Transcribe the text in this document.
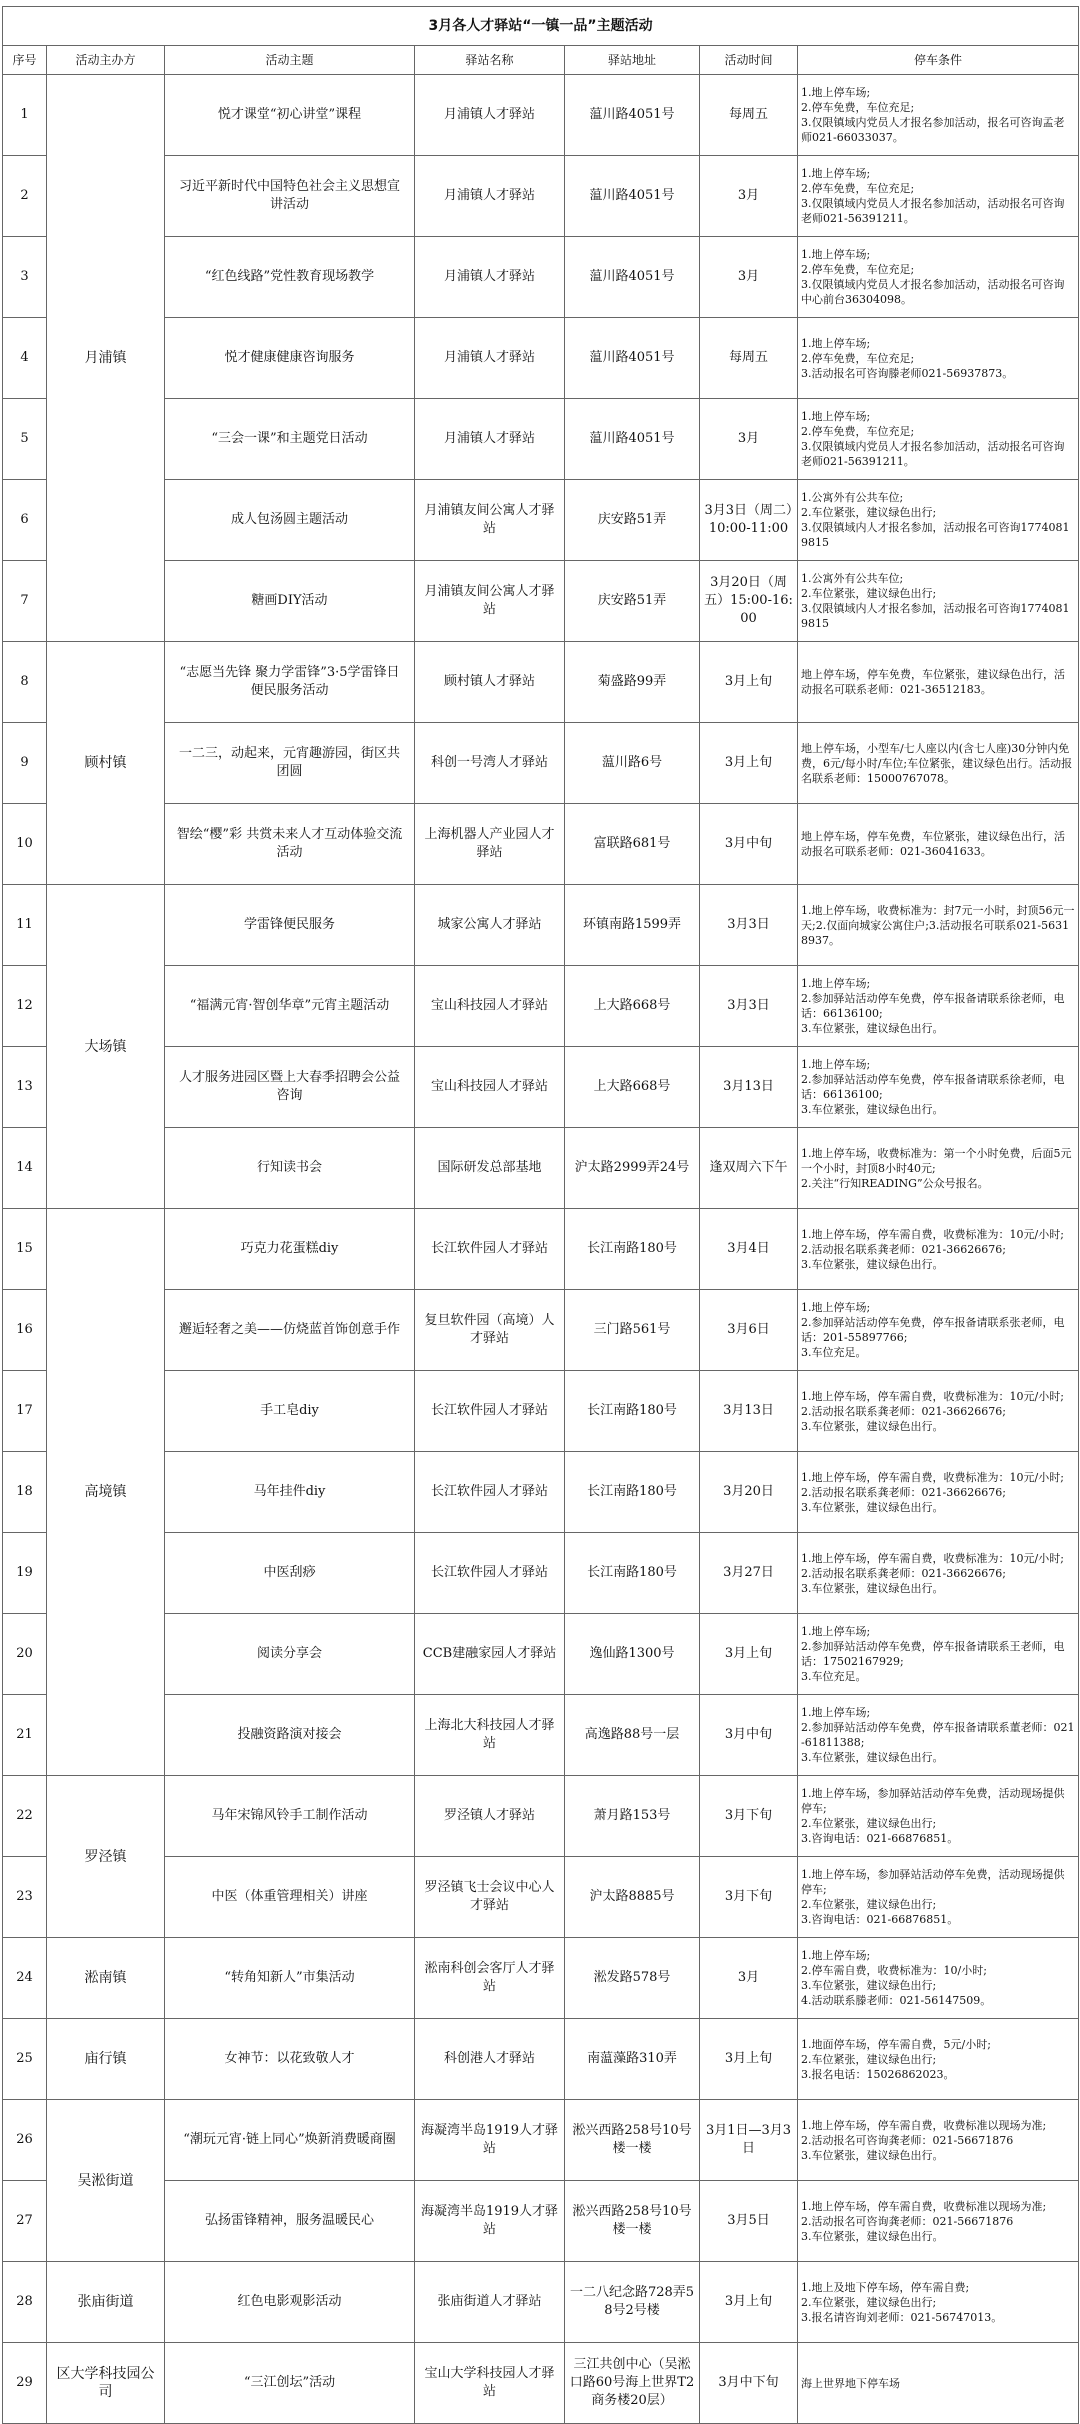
3月各人才驿站“一镇一品”主题活动						
序号	活动主办方	活动主题	驿站名称	驿站地址	活动时间	停车条件
1	月浦镇	悦才课堂“初心讲堂”课程	月浦镇人才驿站	蕰川路4051号	每周五	1.地上停车场;
2.停车免费，车位充足;
3.仅限镇域内党员人才报名参加活动，报名可咨询孟老师021-66033037。
2		习近平新时代中国特色社会主义思想宣讲活动	月浦镇人才驿站	蕰川路4051号	3月	1.地上停车场;
2.停车免费，车位充足;
3.仅限镇域内党员人才报名参加活动，活动报名可咨询老师021-56391211。
3		“红色线路”党性教育现场教学	月浦镇人才驿站	蕰川路4051号	3月	1.地上停车场;
2.停车免费，车位充足;
3.仅限镇域内党员人才报名参加活动，活动报名可咨询中心前台36304098。
4		悦才健康健康咨询服务	月浦镇人才驿站	蕰川路4051号	每周五	1.地上停车场;
2.停车免费，车位充足;
3.活动报名可咨询滕老师021-56937873。
5		“三会一课”和主题党日活动	月浦镇人才驿站	蕰川路4051号	3月	1.地上停车场;
2.停车免费，车位充足;
3.仅限镇域内党员人才报名参加活动，活动报名可咨询老师021-56391211。
6		成人包汤圆主题活动	月浦镇友间公寓人才驿站	庆安路51弄	3月3日（周二）10:00-11:00	1.公寓外有公共车位;
2.车位紧张，建议绿色出行;
3.仅限镇域内人才报名参加，活动报名可咨询17740819815
7		糖画DIY活动	月浦镇友间公寓人才驿站	庆安路51弄	3月20日（周五）15:00-16:00	1.公寓外有公共车位;
2.车位紧张，建议绿色出行;
3.仅限镇域内人才报名参加，活动报名可咨询17740819815
8	顾村镇	“志愿当先锋 聚力学雷锋”3·5学雷锋日便民服务活动	顾村镇人才驿站	菊盛路99弄	3月上旬	地上停车场，停车免费，车位紧张，建议绿色出行，活动报名可联系老师：021-36512183。
9		一二三，动起来，元宵趣游园，街区共团圆	科创一号湾人才驿站	蕰川路6号	3月上旬	地上停车场，小型车/七人座以内(含七人座)30分钟内免费，6元/每小时/车位;车位紧张，建议绿色出行。活动报名联系老师：15000767078。
10		智绘“樱”彩 共赏未来人才互动体验交流活动	上海机器人产业园人才驿站	富联路681号	3月中旬	地上停车场，停车免费，车位紧张，建议绿色出行，活动报名可联系老师：021-36041633。
11	大场镇	学雷锋便民服务	城家公寓人才驿站	环镇南路1599弄	3月3日	1.地上停车场，收费标准为：封7元一小时，封顶56元一天;2.仅面向城家公寓住户;3.活动报名可联系021-56318937。
12		“福满元宵·智创华章”元宵主题活动	宝山科技园人才驿站	上大路668号	3月3日	1.地上停车场;
2.参加驿站活动停车免费，停车报备请联系徐老师，电话：66136100;
3.车位紧张，建议绿色出行。
13		人才服务进园区暨上大春季招聘会公益咨询	宝山科技园人才驿站	上大路668号	3月13日	1.地上停车场;
2.参加驿站活动停车免费，停车报备请联系徐老师，电话：66136100;
3.车位紧张，建议绿色出行。
14		行知读书会	国际研发总部基地	沪太路2999弄24号	逢双周六下午	1.地上停车场，收费标准为：第一个小时免费，后面5元一个小时，封顶8小时40元;
2.关注“行知READING”公众号报名。
15	高境镇	巧克力花蛋糕diy	长江软件园人才驿站	长江南路180号	3月4日	1.地上停车场，停车需自费，收费标准为：10元/小时;
2.活动报名联系龚老师：021-36626676;
3.车位紧张，建议绿色出行。
16		邂逅轻奢之美——仿烧蓝首饰创意手作	复旦软件园（高境）人才驿站	三门路561号	3月6日	1.地上停车场;
2.参加驿站活动停车免费，停车报备请联系张老师，电话：201-55897766;
3.车位充足。
17		手工皂diy	长江软件园人才驿站	长江南路180号	3月13日	1.地上停车场，停车需自费，收费标准为：10元/小时;
2.活动报名联系龚老师：021-36626676;
3.车位紧张，建议绿色出行。
18		马年挂件diy	长江软件园人才驿站	长江南路180号	3月20日	1.地上停车场，停车需自费，收费标准为：10元/小时;
2.活动报名联系龚老师：021-36626676;
3.车位紧张，建议绿色出行。
19		中医刮痧	长江软件园人才驿站	长江南路180号	3月27日	1.地上停车场，停车需自费，收费标准为：10元/小时;
2.活动报名联系龚老师：021-36626676;
3.车位紧张，建议绿色出行。
20		阅读分享会	CCB建融家园人才驿站	逸仙路1300号	3月上旬	1.地上停车场;
2.参加驿站活动停车免费，停车报备请联系王老师，电话：17502167929;
3.车位充足。
21		投融资路演对接会	上海北大科技园人才驿站	高逸路88号一层	3月中旬	1.地上停车场;
2.参加驿站活动停车免费，停车报备请联系董老师：021-61811388;
3.车位紧张，建议绿色出行。
22	罗泾镇	马年宋锦风铃手工制作活动	罗泾镇人才驿站	萧月路153号	3月下旬	1.地上停车场，参加驿站活动停车免费，活动现场提供停车;
2.车位紧张，建议绿色出行;
3.咨询电话：021-66876851。
23		中医（体重管理相关）讲座	罗泾镇飞士会议中心人才驿站	沪太路8885号	3月下旬	1.地上停车场，参加驿站活动停车免费，活动现场提供停车;
2.车位紧张，建议绿色出行;
3.咨询电话：021-66876851。
24	淞南镇	“转角知新人”市集活动	淞南科创会客厅人才驿站	淞发路578号	3月	1.地上停车场;
2.停车需自费，收费标准为：10/小时;
3.车位紧张，建议绿色出行;
4.活动联系滕老师：021-56147509。
25	庙行镇	女神节：以花致敬人才	科创港人才驿站	南蕰藻路310弄	3月上旬	1.地面停车场，停车需自费，5元/小时;
2.车位紧张，建议绿色出行;
3.报名电话：15026862023。
26	吴淞街道	“潮玩元宵·链上同心”焕新消费暖商圈	海凝湾半岛1919人才驿站	淞兴西路258号10号楼一楼	3月1日—3月3日	1.地上停车场，停车需自费，收费标准以现场为准;
2.活动报名可咨询龚老师：021-56671876
3.车位紧张，建议绿色出行。
27		弘扬雷锋精神，服务温暖民心	海凝湾半岛1919人才驿站	淞兴西路258号10号楼一楼	3月5日	1.地上停车场，停车需自费，收费标准以现场为准;
2.活动报名可咨询龚老师：021-56671876
3.车位紧张，建议绿色出行。
28	张庙街道	红色电影观影活动	张庙街道人才驿站	一二八纪念路728弄58号2号楼	3月上旬	1.地上及地下停车场，停车需自费;
2.车位紧张，建议绿色出行;
3.报名请咨询刘老师：021-56747013。
29	区大学科技园公司	“三江创坛”活动	宝山大学科技园人才驿站	三江共创中心（吴淞口路60号海上世界T2商务楼20层）	3月中下旬	海上世界地下停车场
